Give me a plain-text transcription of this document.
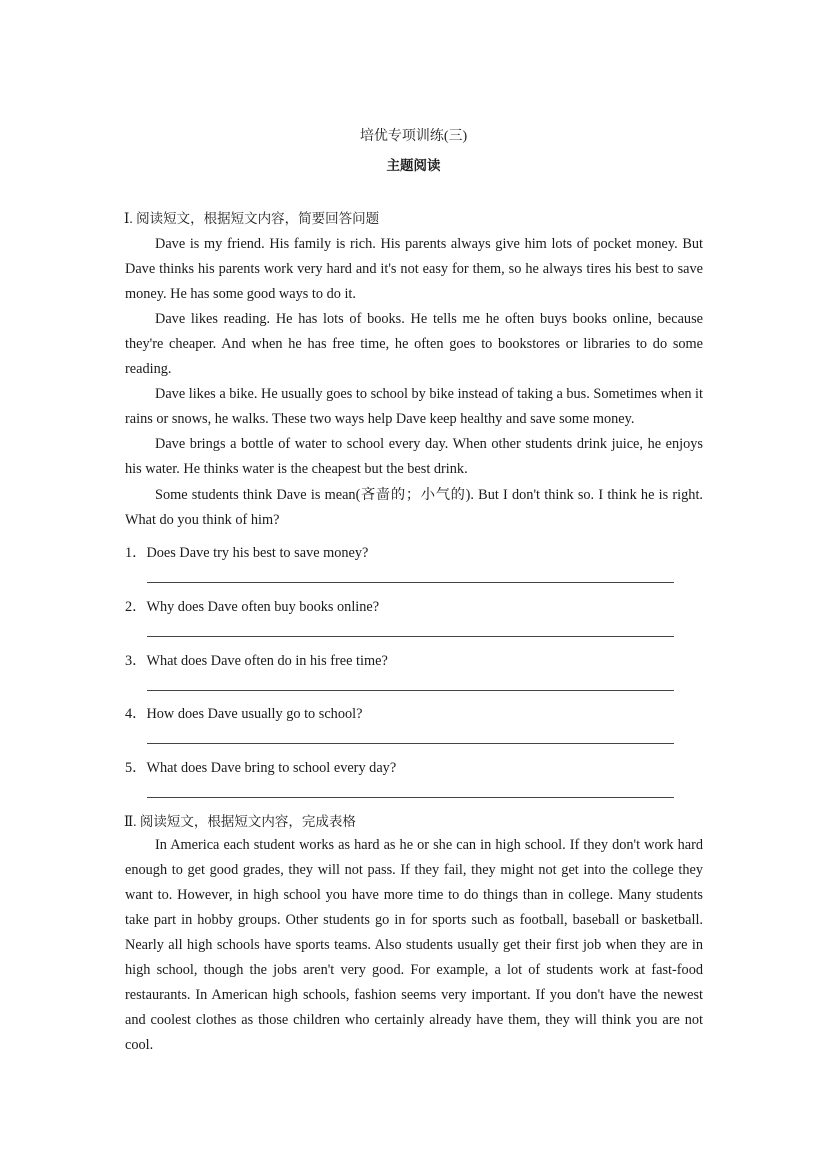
培优专项训练(三)
主题阅读
Ⅰ. 阅读短文，根据短文内容，简要回答问题

Dave is my friend. His family is rich. His parents always give him lots of pocket money. But Dave thinks his parents work very hard and it's not easy for them, so he always tires his best to save money. He has some good ways to do it.

Dave likes reading. He has lots of books. He tells me he often buys books online, because they're cheaper. And when he has free time, he often goes to bookstores or libraries to do some reading.

Dave likes a bike. He usually goes to school by bike instead of taking a bus. Sometimes when it rains or snows, he walks. These two ways help Dave keep healthy and save some money.

Dave brings a bottle of water to school every day. When other students drink juice, he enjoys his water. He thinks water is the cheapest but the best drink.

Some students think Dave is mean(吝啬的；小气的). But I don't think so. I think he is right. What do you think of him?

1．Does Dave try his best to save money?
2．Why does Dave often buy books online?
3．What does Dave often do in his free time?
4．How does Dave usually go to school?
5．What does Dave bring to school every day?
Ⅱ. 阅读短文，根据短文内容，完成表格

In America each student works as hard as he or she can in high school. If they don't work hard enough to get good grades, they will not pass. If they fail, they might not get into the college they want to. However, in high school you have more time to do things than in college. Many students take part in hobby groups. Other students go in for sports such as football, baseball or basketball. Nearly all high schools have sports teams. Also students usually get their first job when they are in high school, though the jobs aren't very good. For example, a lot of students work at fast-food restaurants. In American high schools, fashion seems very important. If you don't have the newest and coolest clothes as those children who certainly already have them, they will think you are not cool.
